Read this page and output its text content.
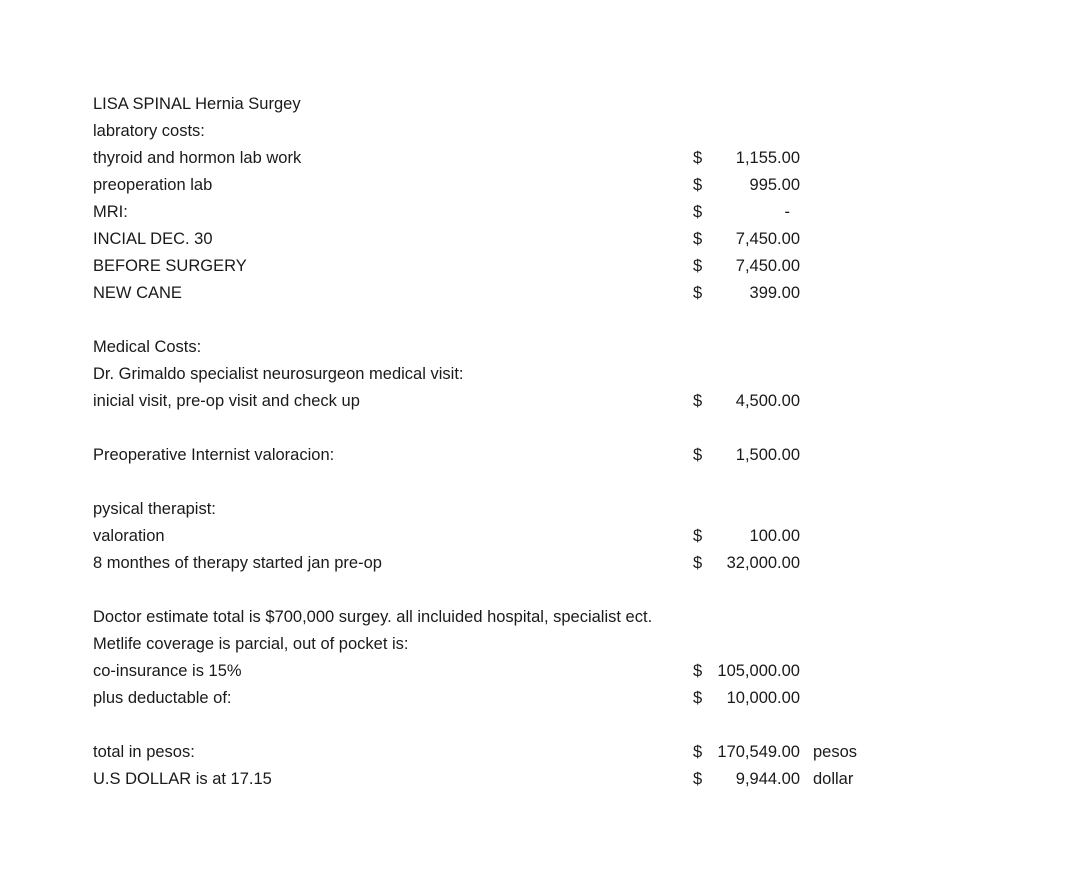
LISA SPINAL Hernia Surgey
labratory costs:
thyroid and hormon lab work	$	1,155.00
preoperation lab	$	995.00
MRI:	$	-
INCIAL DEC. 30	$	7,450.00
BEFORE SURGERY	$	7,450.00
NEW CANE	$	399.00
Medical Costs:
Dr. Grimaldo specialist neurosurgeon medical visit:
inicial visit, pre-op visit and check up	$	4,500.00
Preoperative Internist valoracion:	$	1,500.00
pysical therapist:
valoration	$	100.00
8 monthes of therapy started jan pre-op	$	32,000.00
Doctor estimate total is $700,000 surgey. all incluided hospital, specialist ect.
Metlife coverage is parcial, out of pocket is:
co-insurance is 15%	$ 105,000.00
plus deductable of:	$	10,000.00
total in pesos:	$ 170,549.00 pesos
U.S DOLLAR is at 17.15	$	9,944.00 dollar
